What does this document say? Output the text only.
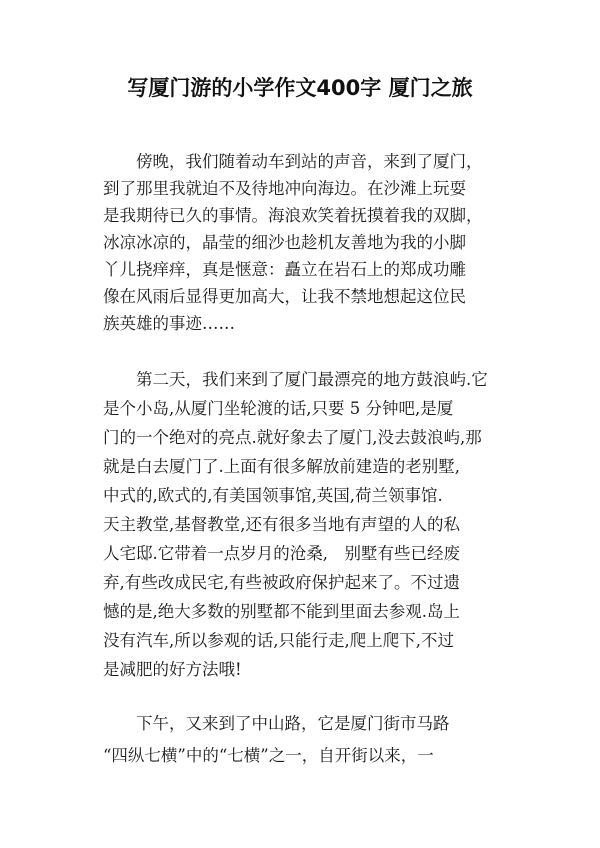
写厦门游的小学作文400字 厦门之旅
傍晚，我们随着动车到站的声音，来到了厦门，
到了那里我就迫不及待地冲向海边。在沙滩上玩耍
是我期待已久的事情。海浪欢笑着抚摸着我的双脚，
冰凉冰凉的，晶莹的细沙也趁机友善地为我的小脚
丫儿挠痒痒，真是惬意：矗立在岩石上的郑成功雕
像在风雨后显得更加高大，让我不禁地想起这位民
族英雄的事迹……
第二天，我们来到了厦门最漂亮的地方鼓浪屿.它
是个小岛,从厦门坐轮渡的话,只要 5 分钟吧,是厦
门的一个绝对的亮点.就好象去了厦门,没去鼓浪屿,那
就是白去厦门了.上面有很多解放前建造的老别墅,
中式的,欧式的,有美国领事馆,英国,荷兰领事馆.
天主教堂,基督教堂,还有很多当地有声望的人的私
人宅邸.它带着一点岁月的沧桑,　别墅有些已经废
弃,有些改成民宅,有些被政府保护起来了。不过遗
憾的是,绝大多数的别墅都不能到里面去参观.岛上
没有汽车,所以参观的话,只能行走,爬上爬下,不过
是减肥的好方法哦!
下午，又来到了中山路，它是厦门街市马路
“四纵七横”中的“七横”之一，自开街以来，一
